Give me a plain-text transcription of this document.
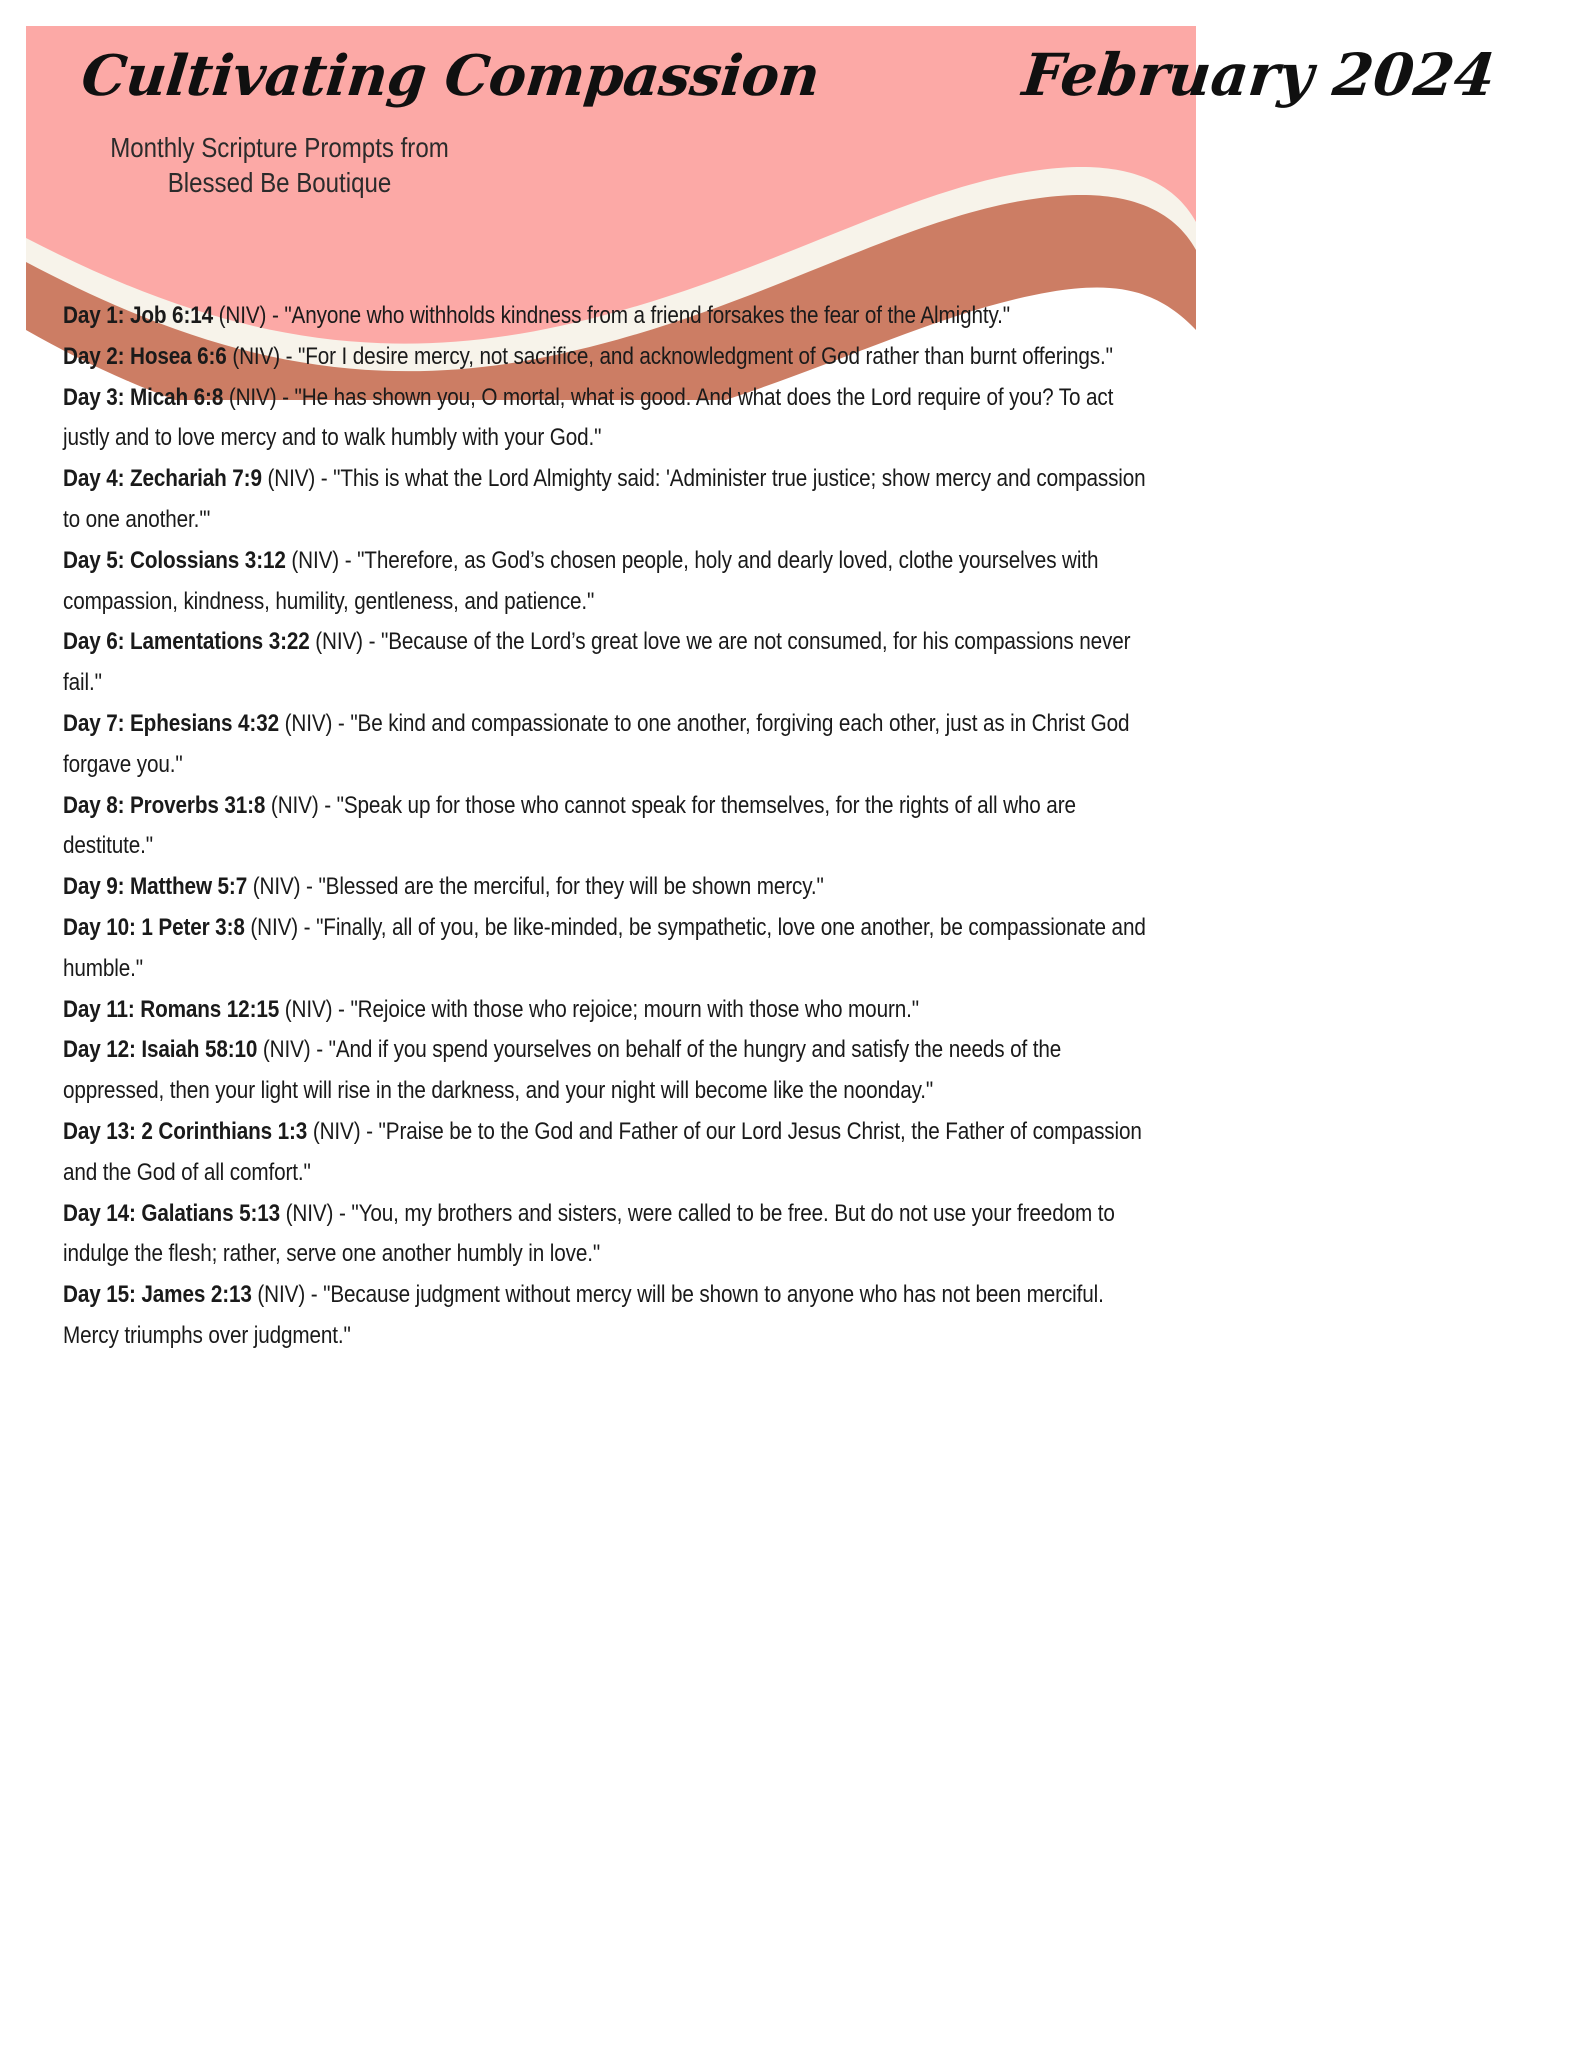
Cultivating Compassion	February 2024
Monthly Scripture Prompts from
Blessed Be Boutique

Day 1: Job 6:14 (NIV) - "Anyone who withholds kindness from a friend forsakes the fear of the Almighty."

Day 2: Hosea 6:6 (NIV) - "For I desire mercy, not sacrifice, and acknowledgment of God rather than burnt offerings."

Day 3: Micah 6:8 (NIV) - "He has shown you, O mortal, what is good. And what does the Lord require of you? To act justly and to love mercy and to walk humbly with your God."

Day 4: Zechariah 7:9 (NIV) - "This is what the Lord Almighty said: 'Administer true justice; show mercy and compassion to one another.'"

Day 5: Colossians 3:12 (NIV) - "Therefore, as God’s chosen people, holy and dearly loved, clothe yourselves with compassion, kindness, humility, gentleness, and patience."

Day 6: Lamentations 3:22 (NIV) - "Because of the Lord’s great love we are not consumed, for his compassions never fail."

Day 7: Ephesians 4:32 (NIV) - "Be kind and compassionate to one another, forgiving each other, just as in Christ God forgave you."

Day 8: Proverbs 31:8 (NIV) - "Speak up for those who cannot speak for themselves, for the rights of all who are destitute."

Day 9: Matthew 5:7 (NIV) - "Blessed are the merciful, for they will be shown mercy."

Day 10: 1 Peter 3:8 (NIV) - "Finally, all of you, be like-minded, be sympathetic, love one another, be compassionate and humble."

Day 11: Romans 12:15 (NIV) - "Rejoice with those who rejoice; mourn with those who mourn."

Day 12: Isaiah 58:10 (NIV) - "And if you spend yourselves on behalf of the hungry and satisfy the needs of the oppressed, then your light will rise in the darkness, and your night will become like the noonday."

Day 13: 2 Corinthians 1:3 (NIV) - "Praise be to the God and Father of our Lord Jesus Christ, the Father of compassion and the God of all comfort."

Day 14: Galatians 5:13 (NIV) - "You, my brothers and sisters, were called to be free. But do not use your freedom to indulge the flesh; rather, serve one another humbly in love."

Day 15: James 2:13 (NIV) - "Because judgment without mercy will be shown to anyone who has not been merciful. Mercy triumphs over judgment."
